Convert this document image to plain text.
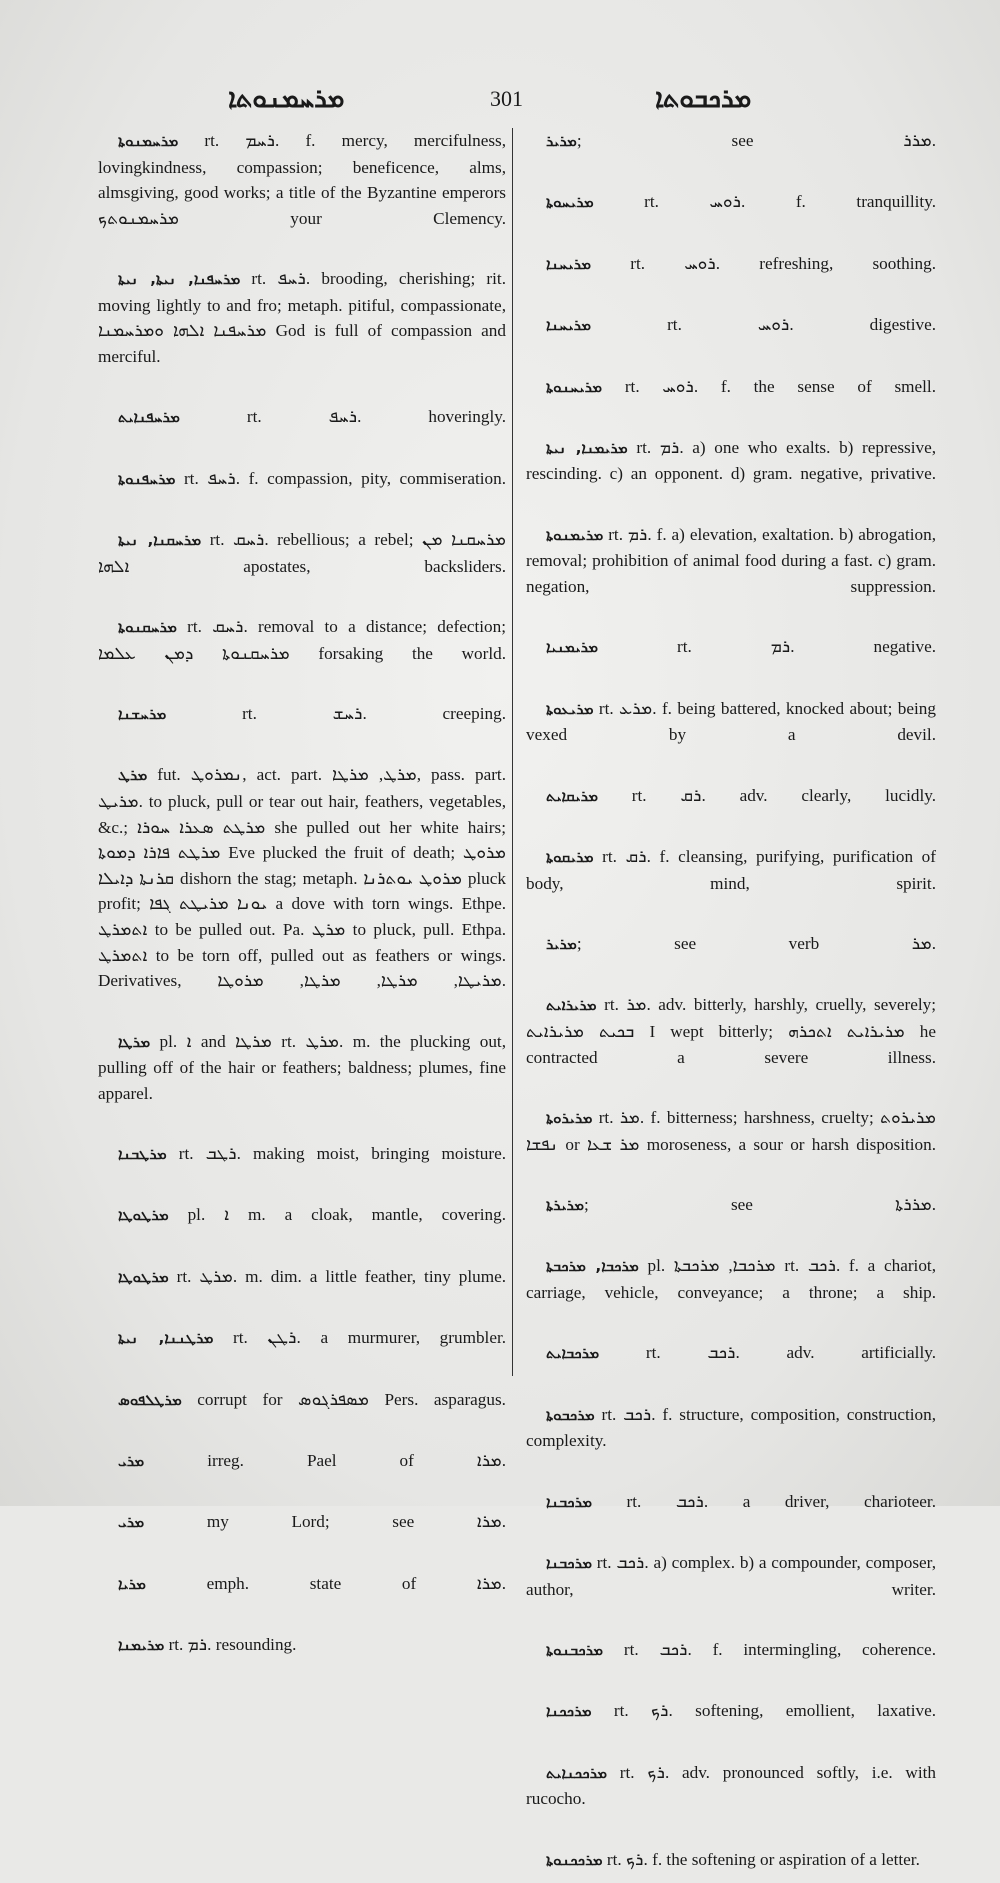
ܡܪܚܡܢܘܬܐ	301	ܡܪܟܒܘܬܐ

ܡܪܚܡܢܘܬܐ rt. ܪܚܡ. f. mercy, mercifulness, lovingkindness, compassion; beneficence, alms, almsgiving, good works; a title of the Byzantine emperors ܡܪܚܡܢܘܬܟ your Clemency.

ܡܪܚܦܢܐ, ܢܝܬܐ, ܢܝܬܐ rt. ܪܚܦ. brooding, cherishing; rit. moving lightly to and fro; metaph. pitiful, compassionate, ܡܪܚܦܢܐ ܐܠܗܐ ܘܡܪܚܡܢܐ God is full of compassion and merciful.

ܡܪܚܦܢܐܝܬ rt. ܪܚܦ. hoveringly.

ܡܪܚܦܢܘܬܐ rt. ܪܚܦ. f. compassion, pity, commiseration.

ܡܪܚܩܢܐ, ܢܝܬܐ rt. ܪܚܩ. rebellious; a rebel; ܡܪܚܩܢܐ ܡܢ ܐܠܗܐ apostates, backsliders.

ܡܪܚܩܢܘܬܐ rt. ܪܚܩ. removal to a distance; defection; ܡܪܚܩܢܘܬܐ ܕܡܢ ܥܠܡܐ forsaking the world.

ܡܪܚܫܢܐ rt. ܪܚܫ. creeping.

ܡܪܛ fut. ܢܡܪܘܛ, act. part. ܡܪܛ, ܡܪܛܐ, pass. part. ܡܪܝܛ. to pluck, pull or tear out hair, feathers, vegetables, &c.; ܡܪܛܬ ܣܥܪܐ ܚܘܪܐ she pulled out her white hairs; ܡܪܛܬ ܦܐܪܐ ܕܡܘܬܐ Eve plucked the fruit of death; ܡܪܘܛ ܩܪܢܬܐ ܕܐܝܠܐ dishorn the stag; metaph. ܡܪܘܛ ܝܘܬܪܢܐ pluck profit; ܝܘܢܐ ܡܪܝܛܬ ܓܦܐ a dove with torn wings. Ethpe. ܐܬܡܪܛ to be pulled out. Pa. ܡܪܛ to pluck, pull. Ethpa. ܐܬܡܪܛ to be torn off, pulled out as feathers or wings. Derivatives, ܡܪܝܛܐ, ܡܪܛܐ, ܡܪܛܐ, ܡܪܘܛܐ.

ܡܪܛܐ pl. ܐ and ܡܪܛܐ rt. ܡܪܛ. m. the plucking out, pulling off of the hair or feathers; baldness; plumes, fine apparel.

ܡܪܛܒܢܐ rt. ܪܛܒ. making moist, bringing moisture.

ܡܪܛܘܛܐ pl. ܐ m. a cloak, mantle, covering.

ܡܪܛܘܛܐ rt. ܡܪܛ. m. dim. a little feather, tiny plume.

ܡܪܛܢܢܐ, ܢܝܬܐ rt. ܪܛܢ. a murmurer, grumbler.

ܡܪܛܠܦܘܣ corrupt for ܡܣܦܪܓܘܣ Pers. asparagus.

ܡܪܝ irreg. Pael of ܡܪܐ.

ܡܪܝ my Lord; see ܡܪܐ.

ܡܪܝܐ emph. state of ܡܪܐ.

ܡܪܝܡܢܐ rt. ܪܡ. resounding.

ܡܪܝܪ; see ܡܪܪ.

ܡܪܝܚܘܬܐ rt. ܪܘܚ. f. tranquillity.

ܡܪܝܚܢܐ rt. ܪܘܚ. refreshing, soothing.

ܡܪܝܚܢܐ rt. ܪܘܚ. digestive.

ܡܪܝܚܢܘܬܐ rt. ܪܘܚ. f. the sense of smell.

ܡܪܝܡܢܐ, ܢܝܬܐ rt. ܪܡ. a) one who exalts. b) repressive, rescinding. c) an opponent. d) gram. negative, privative.

ܡܪܝܡܢܘܬܐ rt. ܪܡ. f. a) elevation, exaltation. b) abrogation, removal; prohibition of animal food during a fast. c) gram. negation, suppression.

ܡܪܝܡܢܝܐ rt. ܪܡ. negative.

ܡܪܝܥܘܬܐ rt. ܡܪܥ. f. being battered, knocked about; being vexed by a devil.

ܡܪܝܩܐܝܬ rt. ܪܩ. adv. clearly, lucidly.

ܡܪܝܩܘܬܐ rt. ܪܩ. f. cleansing, purifying, purification of body, mind, spirit.

ܡܪܝܪ; see verb ܡܪ.

ܡܪܝܪܐܝܬ rt. ܡܪ. adv. bitterly, harshly, cruelly, severely; ܒܟܝܬ ܡܪܝܪܐܝܬ I wept bitterly; ܡܪܝܪܐܝܬ ܐܬܟܪܗ he contracted a severe illness.

ܡܪܝܪܘܬܐ rt. ܡܪ. f. bitterness; harshness, cruelty; ܡܪܝܪܘܬ ܢܦܫܐ or ܡܪ ܫܥܐ moroseness, a sour or harsh disposition.

ܡܪܝܪܬܐ; see ܡܪܪܬܐ.

ܡܪܟܒܐ, ܡܪܟܒܬܐ pl. ܡܪܟܒܐ, ܡܪܟܒܬܐ rt. ܪܟܒ. f. a chariot, carriage, vehicle, conveyance; a throne; a ship.

ܡܪܟܒܐܝܬ rt. ܪܟܒ. adv. artificially.

ܡܪܟܒܘܬܐ rt. ܪܟܒ. f. structure, composition, construction, complexity.

ܡܪܟܒܢܐ rt. ܪܟܒ. a driver, charioteer.

ܡܪܟܒܢܐ rt. ܪܟܒ. a) complex. b) a compounder, composer, author, writer.

ܡܪܟܒܢܘܬܐ rt. ܪܟܒ. f. intermingling, coherence.

ܡܪܟܟܢܐ rt. ܪܟ. softening, emollient, laxative.

ܡܪܟܟܢܐܝܬ rt. ܪܟ. adv. pronounced softly, i.e. with rucocho.

ܡܪܟܟܢܘܬܐ rt. ܪܟ. f. the softening or aspiration of a letter.
